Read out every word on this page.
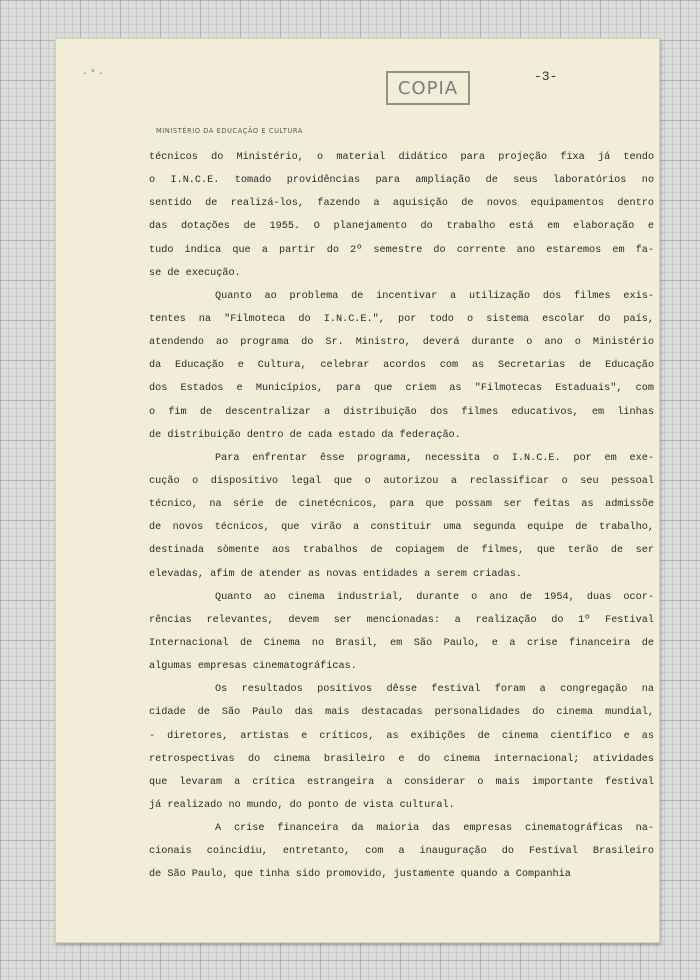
·°·
COPIA
-3-
MINISTÉRIO DA EDUCAÇÃO E CULTURA
técnicos do Ministério, o material didático para projeção fixa já tendo
o I.N.C.E. tomado providências para ampliação de seus laboratórios no
sentido de realizá-los, fazendo a aquisição de novos equipamentos dentro
das dotações de 1955. O planejamento do trabalho está em elaboração e
tudo indica que a partir do 2º semestre do corrente ano estaremos em fa-
se de execução.
Quanto ao problema de incentivar a utilização dos filmes exis-
tentes na "Filmoteca do I.N.C.E.", por todo o sistema escolar do país,
atendendo ao programa do Sr. Ministro, deverá durante o ano o Ministério
da Educação e Cultura, celebrar acordos com as Secretarias de Educação
dos Estados e Municípios, para que criem as "Filmotecas Estaduais", com
o fim de descentralizar a distribuição dos filmes educativos, em linhas
de distribuição dentro de cada estado da federação.
Para enfrentar êsse programa, necessita o I.N.C.E. por em exe-
cução o dispositivo legal que o autorizou a reclassificar o seu pessoal
técnico, na série de cinetécnicos, para que possam ser feitas as admissõe
de novos técnicos, que virão a constituir uma segunda equipe de trabalho,
destinada sòmente aos trabalhos de copiagem de filmes, que terão de ser
elevadas, afim de atender as novas entidades a serem criadas.
Quanto ao cinema industrial, durante o ano de 1954, duas ocor-
rências relevantes, devem ser mencionadas: a realização do 1º Festival
Internacional de Cinema no Brasil, em São Paulo, e a crise financeira de
algumas empresas cinematográficas.
Os resultados positivos dêsse festival foram a congregação na
cidade de São Paulo das mais destacadas personalidades do cinema mundial,
- diretores, artistas e críticos, as exibições de cinema científico e as
retrospectivas do cinema brasileiro e do cinema internacional; atividades
que levaram a crítica estrangeira a considerar o mais importante festival
já realizado no mundo, do ponto de vista cultural.
A crise financeira da maioria das empresas cinematográficas na-
cionais coincidiu, entretanto, com a inauguração do Festival Brasileiro
de São Paulo, que tinha sido promovido, justamente quando a Companhia
